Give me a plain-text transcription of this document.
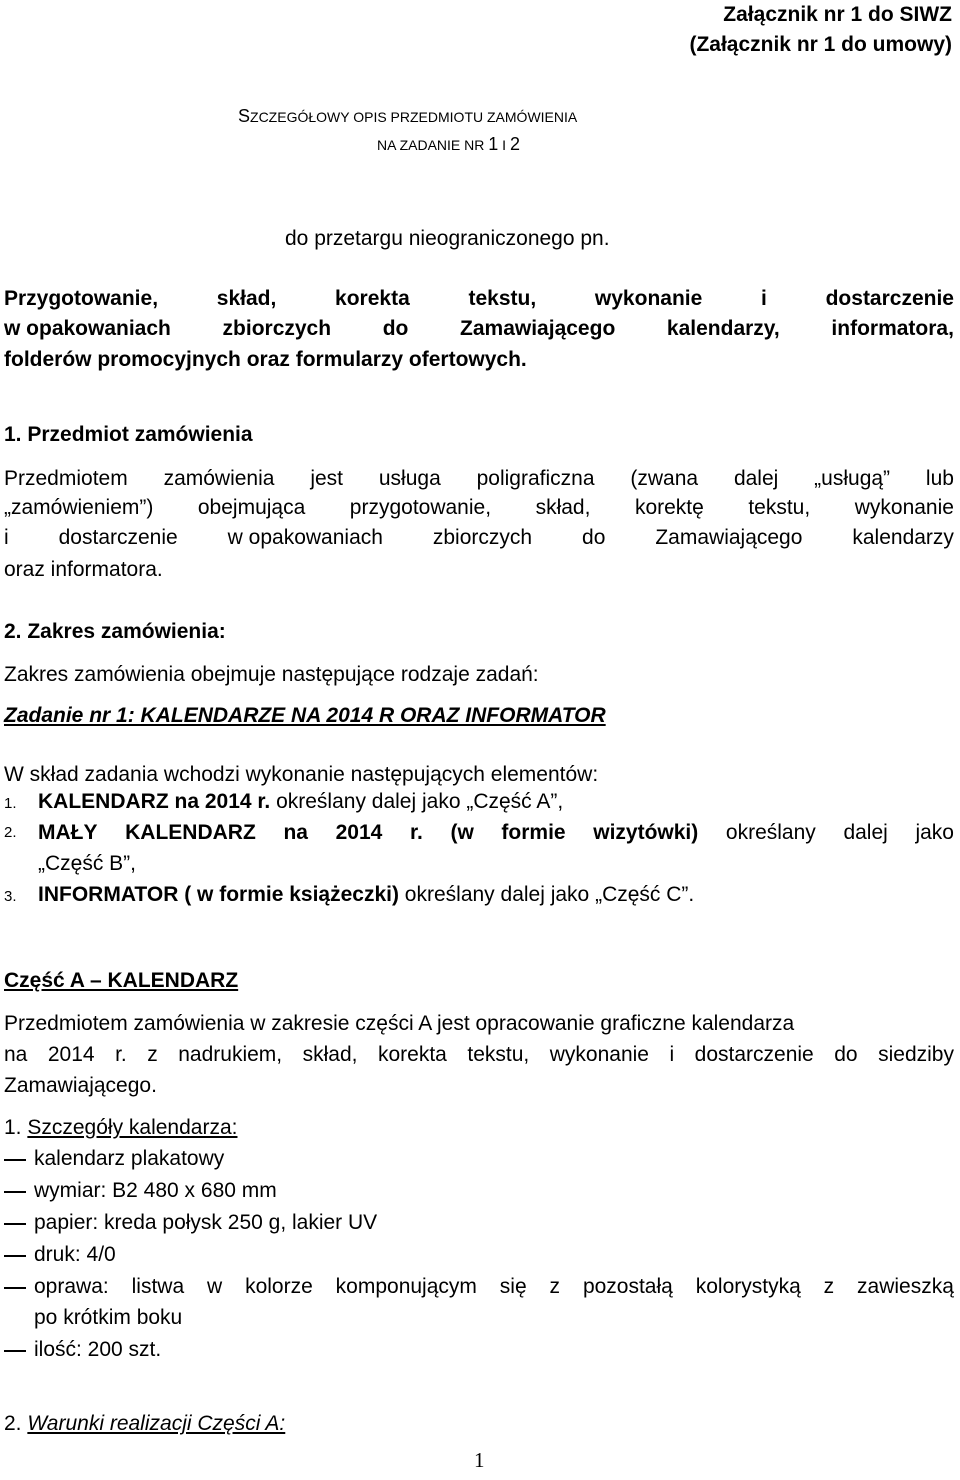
Załącznik nr 1 do SIWZ

(Załącznik nr 1 do umowy)

SZCZEGÓŁOWY OPIS PRZEDMIOTU ZAMÓWIENIA

NA ZADANIE NR 1 I 2

do przetargu nieograniczonego pn.

Przygotowanie,	skład,	korekta	tekstu,	wykonanie	i	dostarczenie
w opakowaniach zbiorczych do Zamawiającego kalendarzy, informatora,

folderów promocyjnych oraz formularzy ofertowych.

1. Przedmiot zamówienia

Przedmiotem zamówienia jest usługa poligraficzna (zwana dalej „usługą” lub
„zamówieniem”) obejmująca przygotowanie, skład, korektę tekstu, wykonanie
i dostarczenie w opakowaniach zbiorczych do Zamawiającego kalendarzy

oraz informatora.

2. Zakres zamówienia:

Zakres zamówienia obejmuje następujące rodzaje zadań:

Zadanie nr 1: KALENDARZE NA 2014 R ORAZ INFORMATOR

W skład zadania wchodzi wykonanie następujących elementów:

1. KALENDARZ na 2014 r. określany dalej jako „Część A”,

2. MAŁY KALENDARZ na 2014 r. (w formie wizytówki) określany dalej jako

„Część B”,

3. INFORMATOR ( w formie książeczki) określany dalej jako „Część C”.

Część A – KALENDARZ

Przedmiotem zamówienia w zakresie części A jest opracowanie graficzne kalendarza

na 2014 r. z nadrukiem, skład, korekta tekstu, wykonanie i dostarczenie do siedziby

Zamawiającego.

1. Szczegóły kalendarza:

kalendarz plakatowy

wymiar: B2 480 x 680 mm

papier: kreda połysk 250 g, lakier UV

druk: 4/0

oprawa: listwa w kolorze komponującym się z pozostałą kolorystyką z zawieszką

po krótkim boku

ilość: 200 szt.

2. Warunki realizacji Części A:

1
